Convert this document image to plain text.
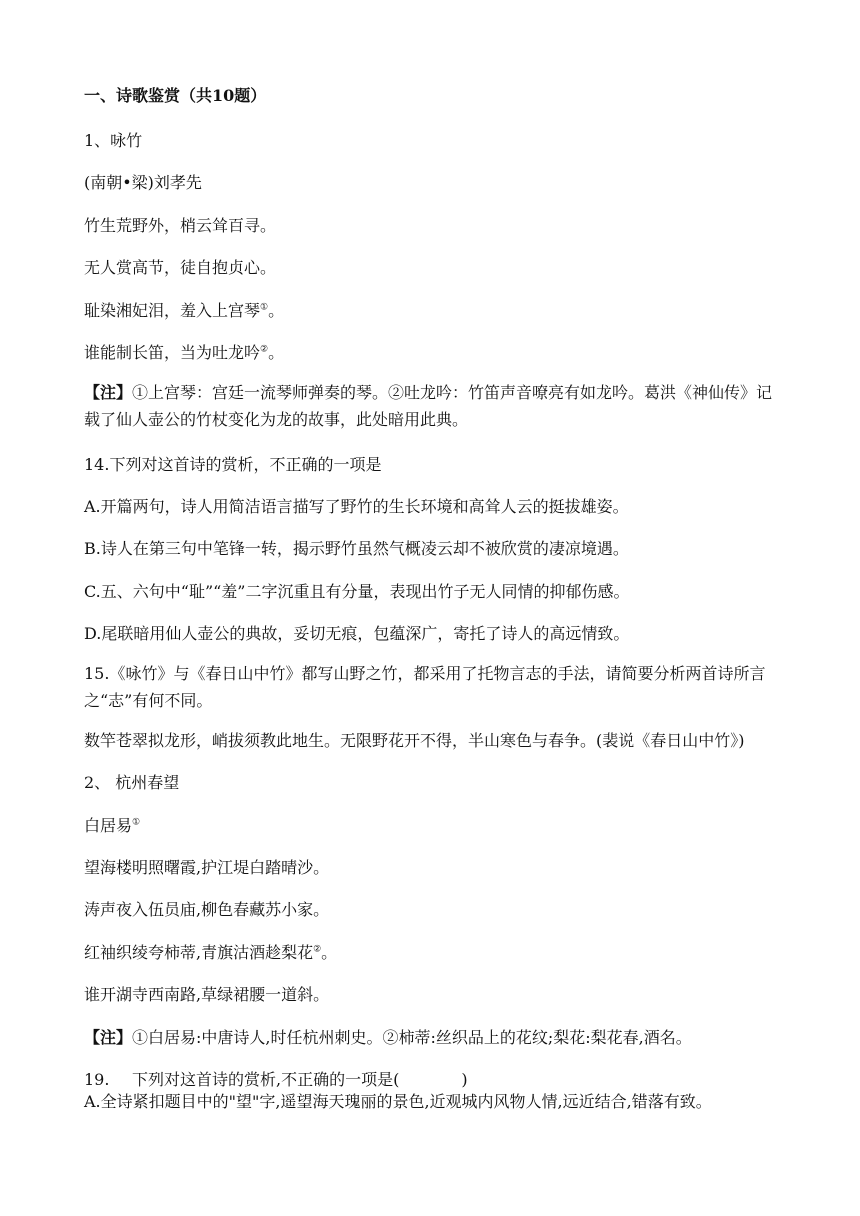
一、诗歌鉴赏（共10题）

1、咏竹

(南朝•梁)刘孝先

竹生荒野外，梢云耸百寻。

无人赏高节，徒自抱贞心。

耻染湘妃泪，羞入上宫琴①。

谁能制长笛，当为吐龙吟②。

【注】①上宫琴：宫廷一流琴师弹奏的琴。②吐龙吟：竹笛声音嘹亮有如龙吟。葛洪《神仙传》记载了仙人壶公的竹杖变化为龙的故事，此处暗用此典。

14.下列对这首诗的赏析，不正确的一项是

A.开篇两句，诗人用简洁语言描写了野竹的生长环境和高耸人云的挺拔雄姿。

B.诗人在第三句中笔锋一转，揭示野竹虽然气概凌云却不被欣赏的凄凉境遇。

C.五、六句中“耻”“羞”二字沉重且有分量，表现出竹子无人同情的抑郁伤感。

D.尾联暗用仙人壶公的典故，妥切无痕，包蕴深广，寄托了诗人的高远情致。

15.《咏竹》与《春日山中竹》都写山野之竹，都采用了托物言志的手法，请简要分析两首诗所言之“志”有何不同。

数竿苍翠拟龙形，峭拔须教此地生。无限野花开不得，半山寒色与春争。(裴说《春日山中竹》)

2、 杭州春望

白居易①

望海楼明照曙霞,护江堤白踏晴沙。

涛声夜入伍员庙,柳色春藏苏小家。

红袖织绫夸柿蒂,青旗沽酒趁梨花②。

谁开湖寺西南路,草绿裙腰一道斜。

【注】①白居易:中唐诗人,时任杭州刺史。②柿蒂:丝织品上的花纹;梨花:梨花春,酒名。

19. 下列对这首诗的赏析,不正确的一项是(	)

A.全诗紧扣题目中的"望"字,遥望海天瑰丽的景色,近观城内风物人情,远近结合,错落有致。
